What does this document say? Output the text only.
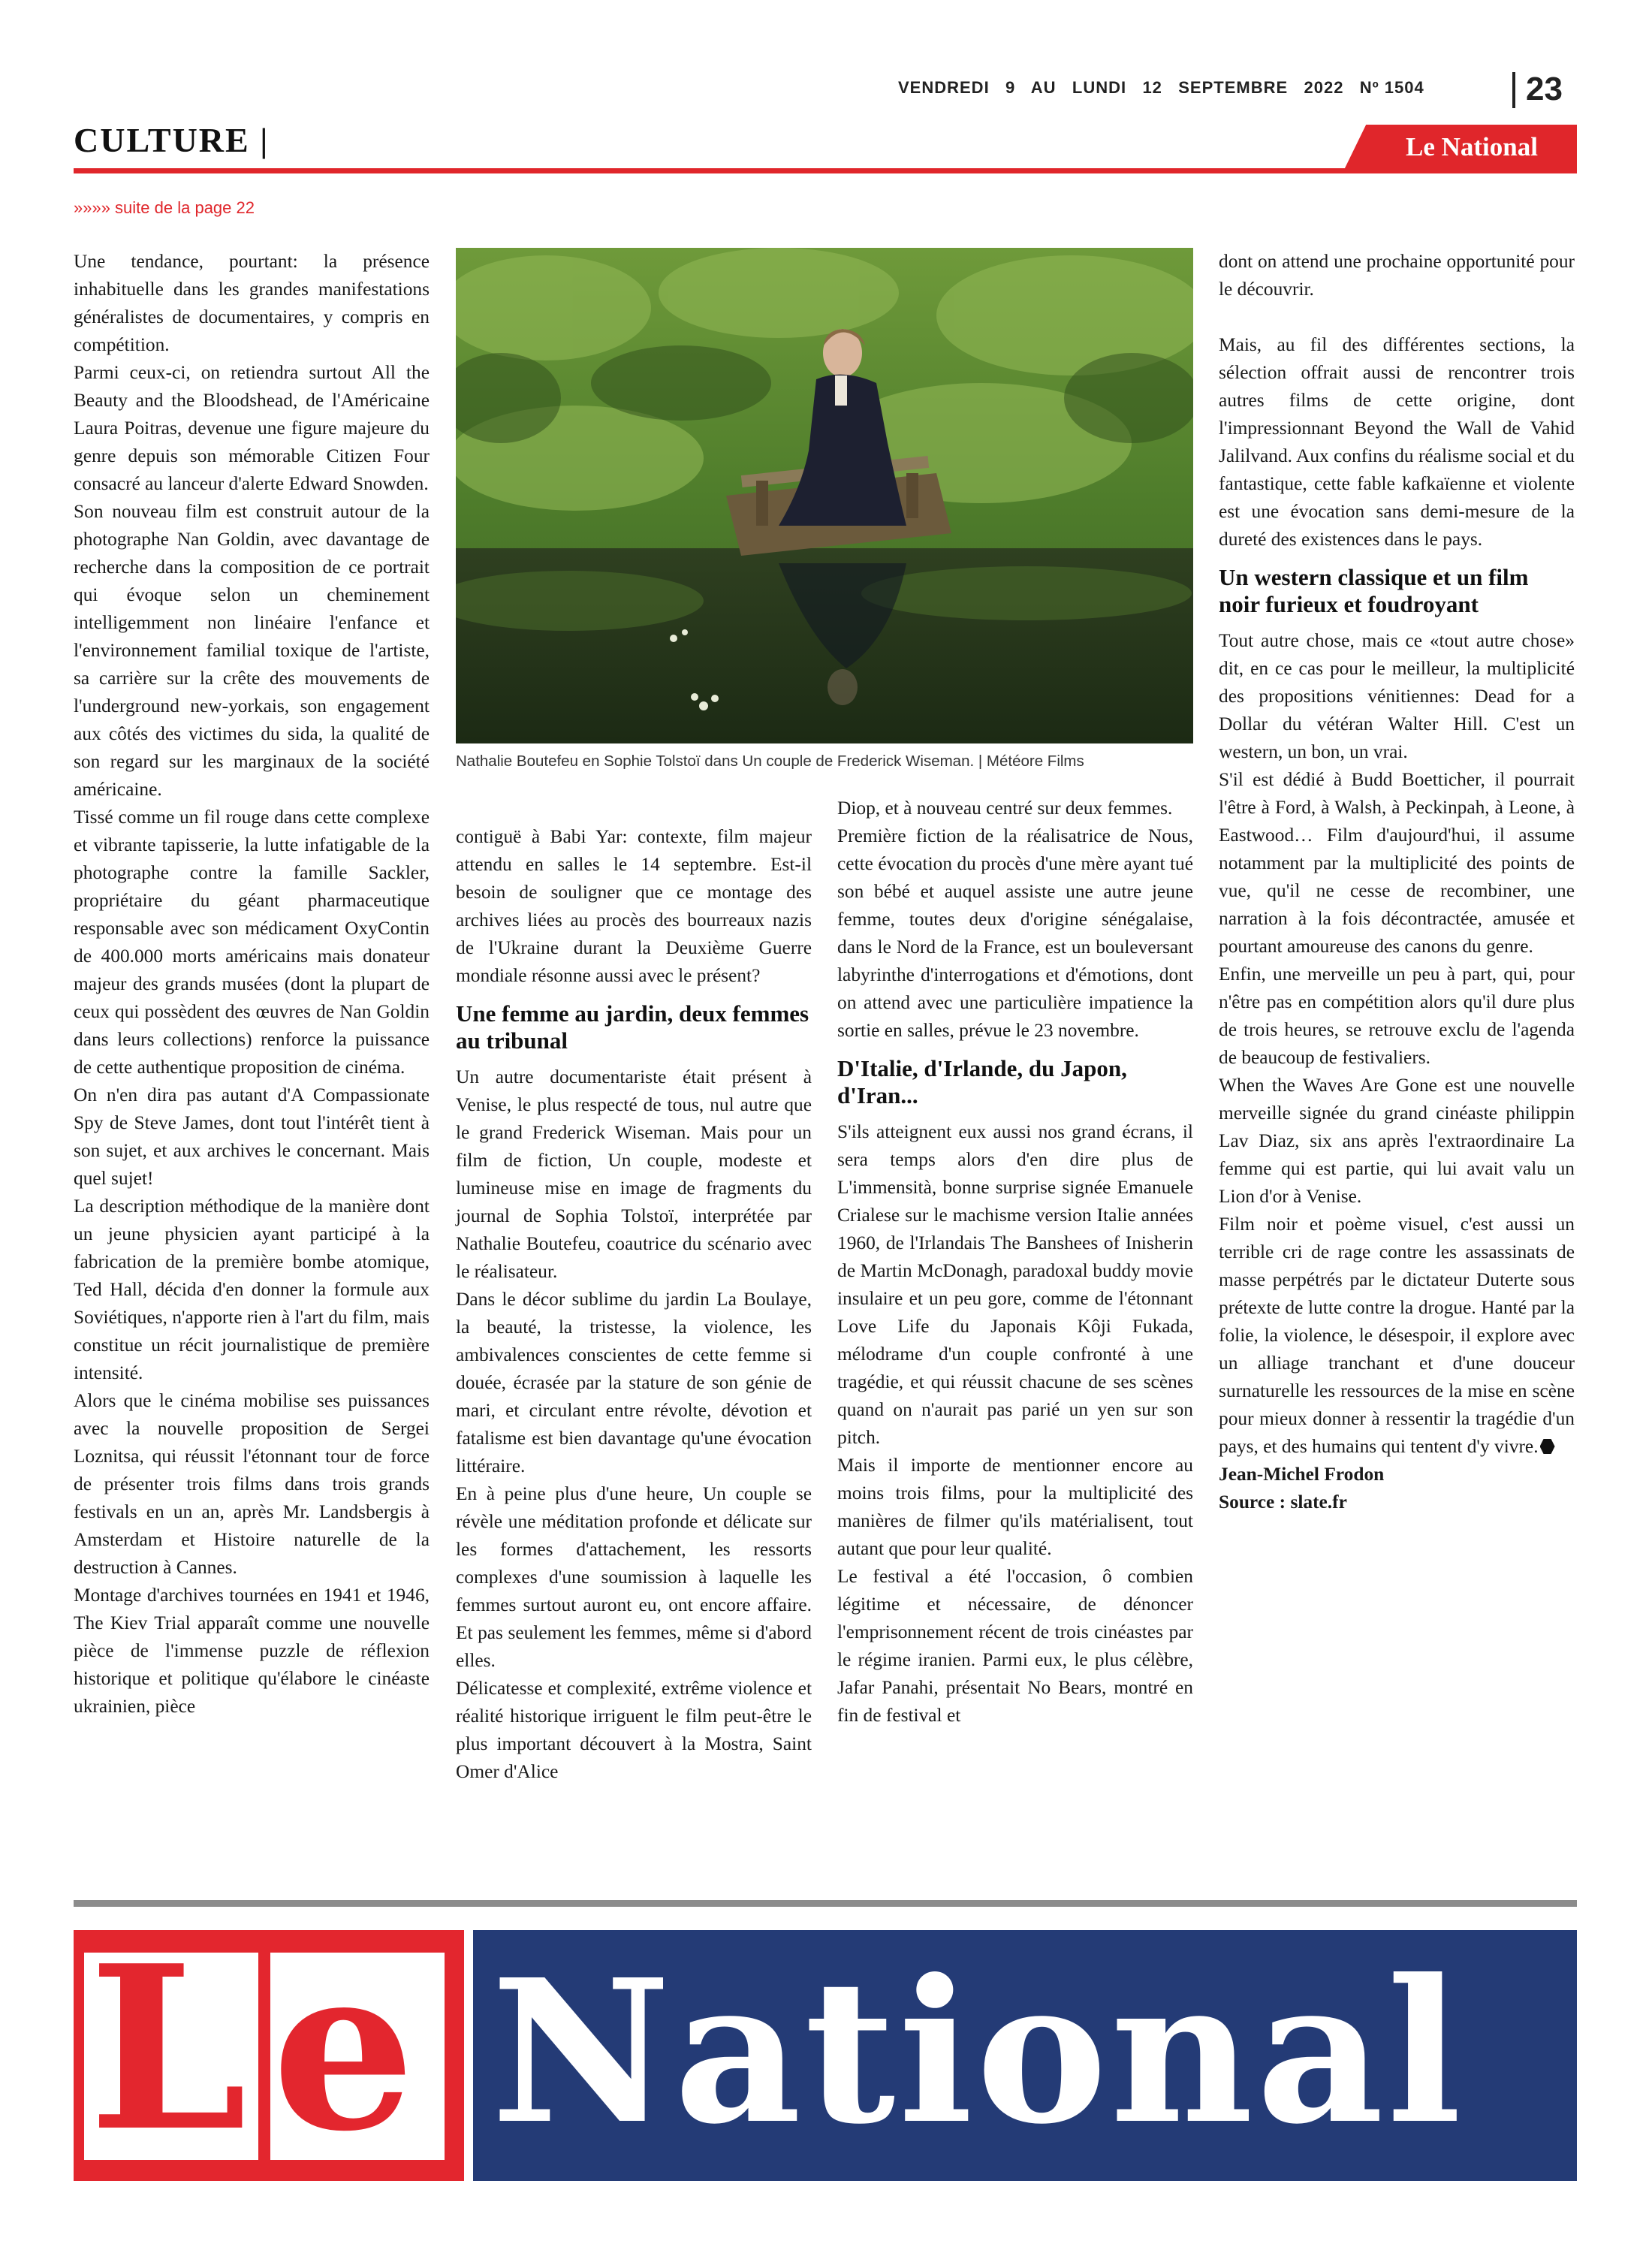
VENDREDI   9   AU   LUNDI   12   SEPTEMBRE   2022   Nº 1504	23
CULTURE |	Le National
»»»» suite de la page 22

Une tendance, pourtant: la présence inhabituelle dans les grandes manifestations généralistes de documentaires, y compris en compétition.

Parmi ceux-ci, on retiendra surtout All the Beauty and the Bloodshead, de l'Américaine Laura Poitras, devenue une figure majeure du genre depuis son mémorable Citizen Four consacré au lanceur d'alerte Edward Snowden.

Son nouveau film est construit autour de la photographe Nan Goldin, avec davantage de recherche dans la composition de ce portrait qui évoque selon un cheminement intelligemment non linéaire l'enfance et l'environnement familial toxique de l'artiste, sa carrière sur la crête des mouvements de l'underground new-yorkais, son engagement aux côtés des victimes du sida, la qualité de son regard sur les marginaux de la société américaine.

Tissé comme un fil rouge dans cette complexe et vibrante tapisserie, la lutte infatigable de la photographe contre la famille Sackler, propriétaire du géant pharmaceutique responsable avec son médicament OxyContin de 400.000 morts américains mais donateur majeur des grands musées (dont la plupart de ceux qui possèdent des œuvres de Nan Goldin dans leurs collections) renforce la puissance de cette authentique proposition de cinéma.

On n'en dira pas autant d'A Compassionate Spy de Steve James, dont tout l'intérêt tient à son sujet, et aux archives le concernant. Mais quel sujet!

La description méthodique de la manière dont un jeune physicien ayant participé à la fabrication de la première bombe atomique, Ted Hall, décida d'en donner la formule aux Soviétiques, n'apporte rien à l'art du film, mais constitue un récit journalistique de première intensité.

Alors que le cinéma mobilise ses puissances avec la nouvelle proposition de Sergei Loznitsa, qui réussit l'étonnant tour de force de présenter trois films dans trois grands festivals en un an, après Mr. Landsbergis à Amsterdam et Histoire naturelle de la destruction à Cannes.

Montage d'archives tournées en 1941 et 1946, The Kiev Trial apparaît comme une nouvelle pièce de l'immense puzzle de réflexion historique et politique qu'élabore le cinéaste ukrainien, pièce

Nathalie Boutefeu en Sophie Tolstoï dans Un couple de Frederick Wiseman. | Météore Films

contiguë à Babi Yar: contexte, film majeur attendu en salles le 14 septembre. Est-il besoin de souligner que ce montage des archives liées au procès des bourreaux nazis de l'Ukraine durant la Deuxième Guerre mondiale résonne aussi avec le présent?

Une femme au jardin, deux femmes au tribunal

Un autre documentariste était présent à Venise, le plus respecté de tous, nul autre que le grand Frederick Wiseman. Mais pour un film de fiction, Un couple, modeste et lumineuse mise en image de fragments du journal de Sophia Tolstoï, interprétée par Nathalie Boutefeu, coautrice du scénario avec le réalisateur.

Dans le décor sublime du jardin La Boulaye, la beauté, la tristesse, la violence, les ambivalences conscientes de cette femme si douée, écrasée par la stature de son génie de mari, et circulant entre révolte, dévotion et fatalisme est bien davantage qu'une évocation littéraire.

En à peine plus d'une heure, Un couple se révèle une méditation profonde et délicate sur les formes d'attachement, les ressorts complexes d'une soumission à laquelle les femmes surtout auront eu, ont encore affaire. Et pas seulement les femmes, même si d'abord elles.

Délicatesse et complexité, extrême violence et réalité historique irriguent le film peut-être le plus important découvert à la Mostra, Saint Omer d'Alice

Diop, et à nouveau centré sur deux femmes.

Première fiction de la réalisatrice de Nous, cette évocation du procès d'une mère ayant tué son bébé et auquel assiste une autre jeune femme, toutes deux d'origine sénégalaise, dans le Nord de la France, est un bouleversant labyrinthe d'interrogations et d'émotions, dont on attend avec une particulière impatience la sortie en salles, prévue le 23 novembre.

D'Italie, d'Irlande, du Japon, d'Iran...

S'ils atteignent eux aussi nos grand écrans, il sera temps alors d'en dire plus de L'immensità, bonne surprise signée Emanuele Crialese sur le machisme version Italie années 1960, de l'Irlandais The Banshees of Inisherin de Martin McDonagh, paradoxal buddy movie insulaire et un peu gore, comme de l'étonnant Love Life du Japonais Kôji Fukada, mélodrame d'un couple confronté à une tragédie, et qui réussit chacune de ses scènes quand on n'aurait pas parié un yen sur son pitch.

Mais il importe de mentionner encore au moins trois films, pour la multiplicité des manières de filmer qu'ils matérialisent, tout autant que pour leur qualité.

Le festival a été l'occasion, ô combien légitime et nécessaire, de dénoncer l'emprisonnement récent de trois cinéastes par le régime iranien. Parmi eux, le plus célèbre, Jafar Panahi, présentait No Bears, montré en fin de festival et

dont on attend une prochaine opportunité pour le découvrir.

Mais, au fil des différentes sections, la sélection offrait aussi de rencontrer trois autres films de cette origine, dont l'impressionnant Beyond the Wall de Vahid Jalilvand. Aux confins du réalisme social et du fantastique, cette fable kafkaïenne et violente est une évocation sans demi-mesure de la dureté des existences dans le pays.

Un western classique et un film noir furieux et foudroyant

Tout autre chose, mais ce «tout autre chose» dit, en ce cas pour le meilleur, la multiplicité des propositions vénitiennes: Dead for a Dollar du vétéran Walter Hill. C'est un western, un bon, un vrai.

S'il est dédié à Budd Boetticher, il pourrait l'être à Ford, à Walsh, à Peckinpah, à Leone, à Eastwood… Film d'aujourd'hui, il assume notamment par la multiplicité des points de vue, qu'il ne cesse de recombiner, une narration à la fois décontractée, amusée et pourtant amoureuse des canons du genre.

Enfin, une merveille un peu à part, qui, pour n'être pas en compétition alors qu'il dure plus de trois heures, se retrouve exclu de l'agenda de beaucoup de festivaliers.

When the Waves Are Gone est une nouvelle merveille signée du grand cinéaste philippin Lav Diaz, six ans après l'extraordinaire La femme qui est partie, qui lui avait valu un Lion d'or à Venise.

Film noir et poème visuel, c'est aussi un terrible cri de rage contre les assassinats de masse perpétrés par le dictateur Duterte sous prétexte de lutte contre la drogue. Hanté par la folie, la violence, le désespoir, il explore avec un alliage tranchant et d'une douceur surnaturelle les ressources de la mise en scène pour mieux donner à ressentir la tragédie d'un pays, et des humains qui tentent d'y vivre.

Jean-Michel Frodon

Source : slate.fr

L e National
